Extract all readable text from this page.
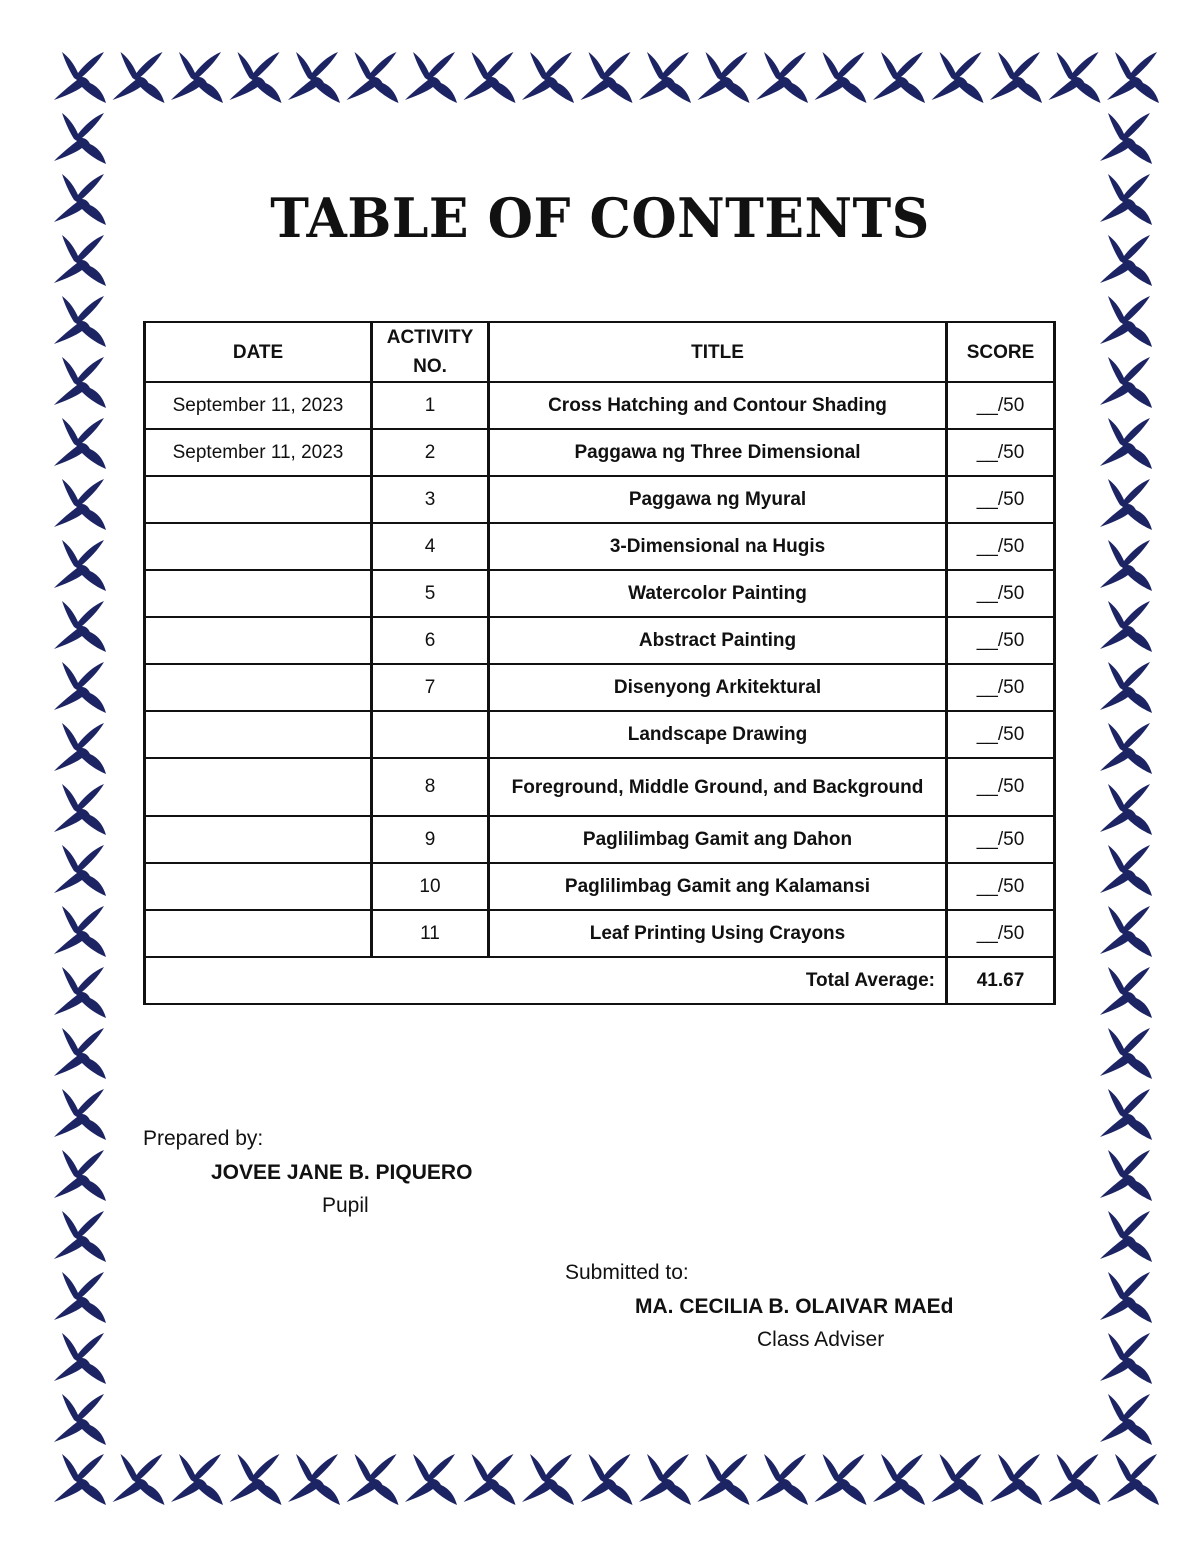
TABLE OF CONTENTS
DATE	ACTIVITY NO.	TITLE	SCORE
September 11, 2023	1	Cross Hatching and Contour Shading	__/50
September 11, 2023	2	Paggawa ng Three Dimensional	__/50
	3	Paggawa ng Myural	__/50
	4	3-Dimensional na Hugis	__/50
	5	Watercolor Painting	__/50
	6	Abstract Painting	__/50
	7	Disenyong Arkitektural	__/50
		Landscape Drawing	__/50
	8	Foreground, Middle Ground, and Background	__/50
	9	Paglilimbag Gamit ang Dahon	__/50
	10	Paglilimbag Gamit ang Kalamansi	__/50
	11	Leaf Printing Using Crayons	__/50
Total Average:			41.67
Prepared by:
JOVEE JANE B. PIQUERO
Pupil
Submitted to:
MA. CECILIA B. OLAIVAR MAEd
Class Adviser
